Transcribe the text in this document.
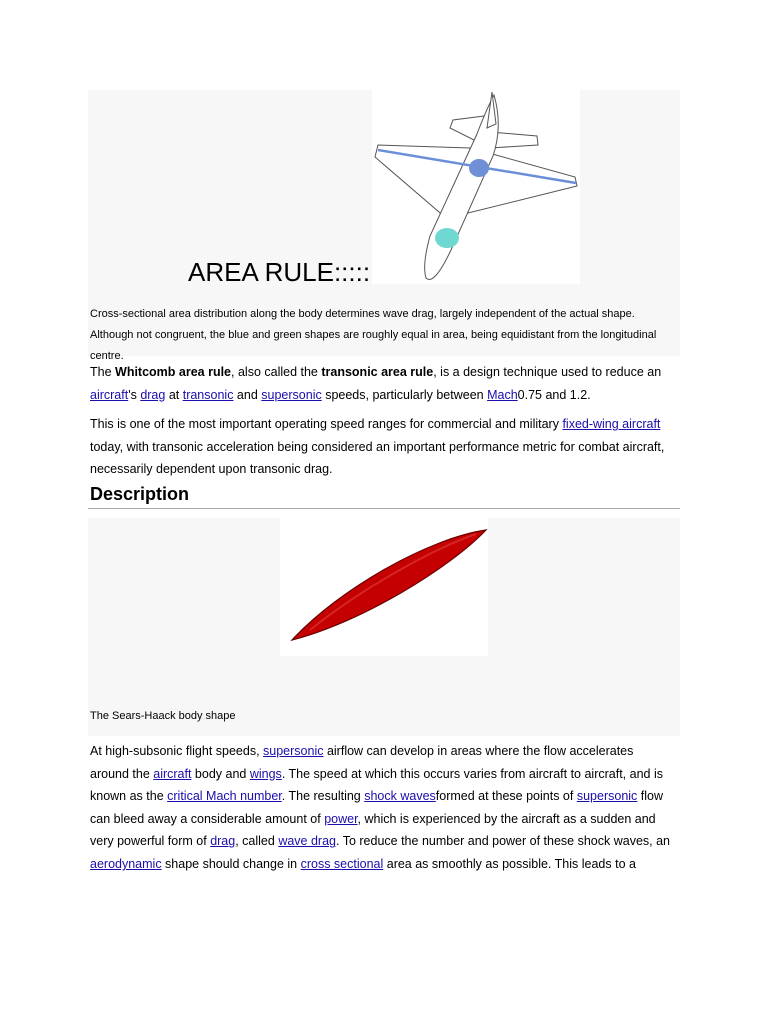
AREA RULE:::::

Cross-sectional area distribution along the body determines wave drag, largely independent of the actual shape. Although not congruent, the blue and green shapes are roughly equal in area, being equidistant from the longitudinal centre.

The Whitcomb area rule, also called the transonic area rule, is a design technique used to reduce an aircraft's drag at transonic and supersonic speeds, particularly between Mach0.75 and 1.2.

This is one of the most important operating speed ranges for commercial and military fixed-wing aircraft today, with transonic acceleration being considered an important performance metric for combat aircraft, necessarily dependent upon transonic drag.

Description

The Sears-Haack body shape

At high-subsonic flight speeds, supersonic airflow can develop in areas where the flow accelerates around the aircraft body and wings. The speed at which this occurs varies from aircraft to aircraft, and is known as the critical Mach number. The resulting shock wavesformed at these points of supersonic flow can bleed away a considerable amount of power, which is experienced by the aircraft as a sudden and very powerful form of drag, called wave drag. To reduce the number and power of these shock waves, an aerodynamic shape should change in cross sectional area as smoothly as possible. This leads to a
